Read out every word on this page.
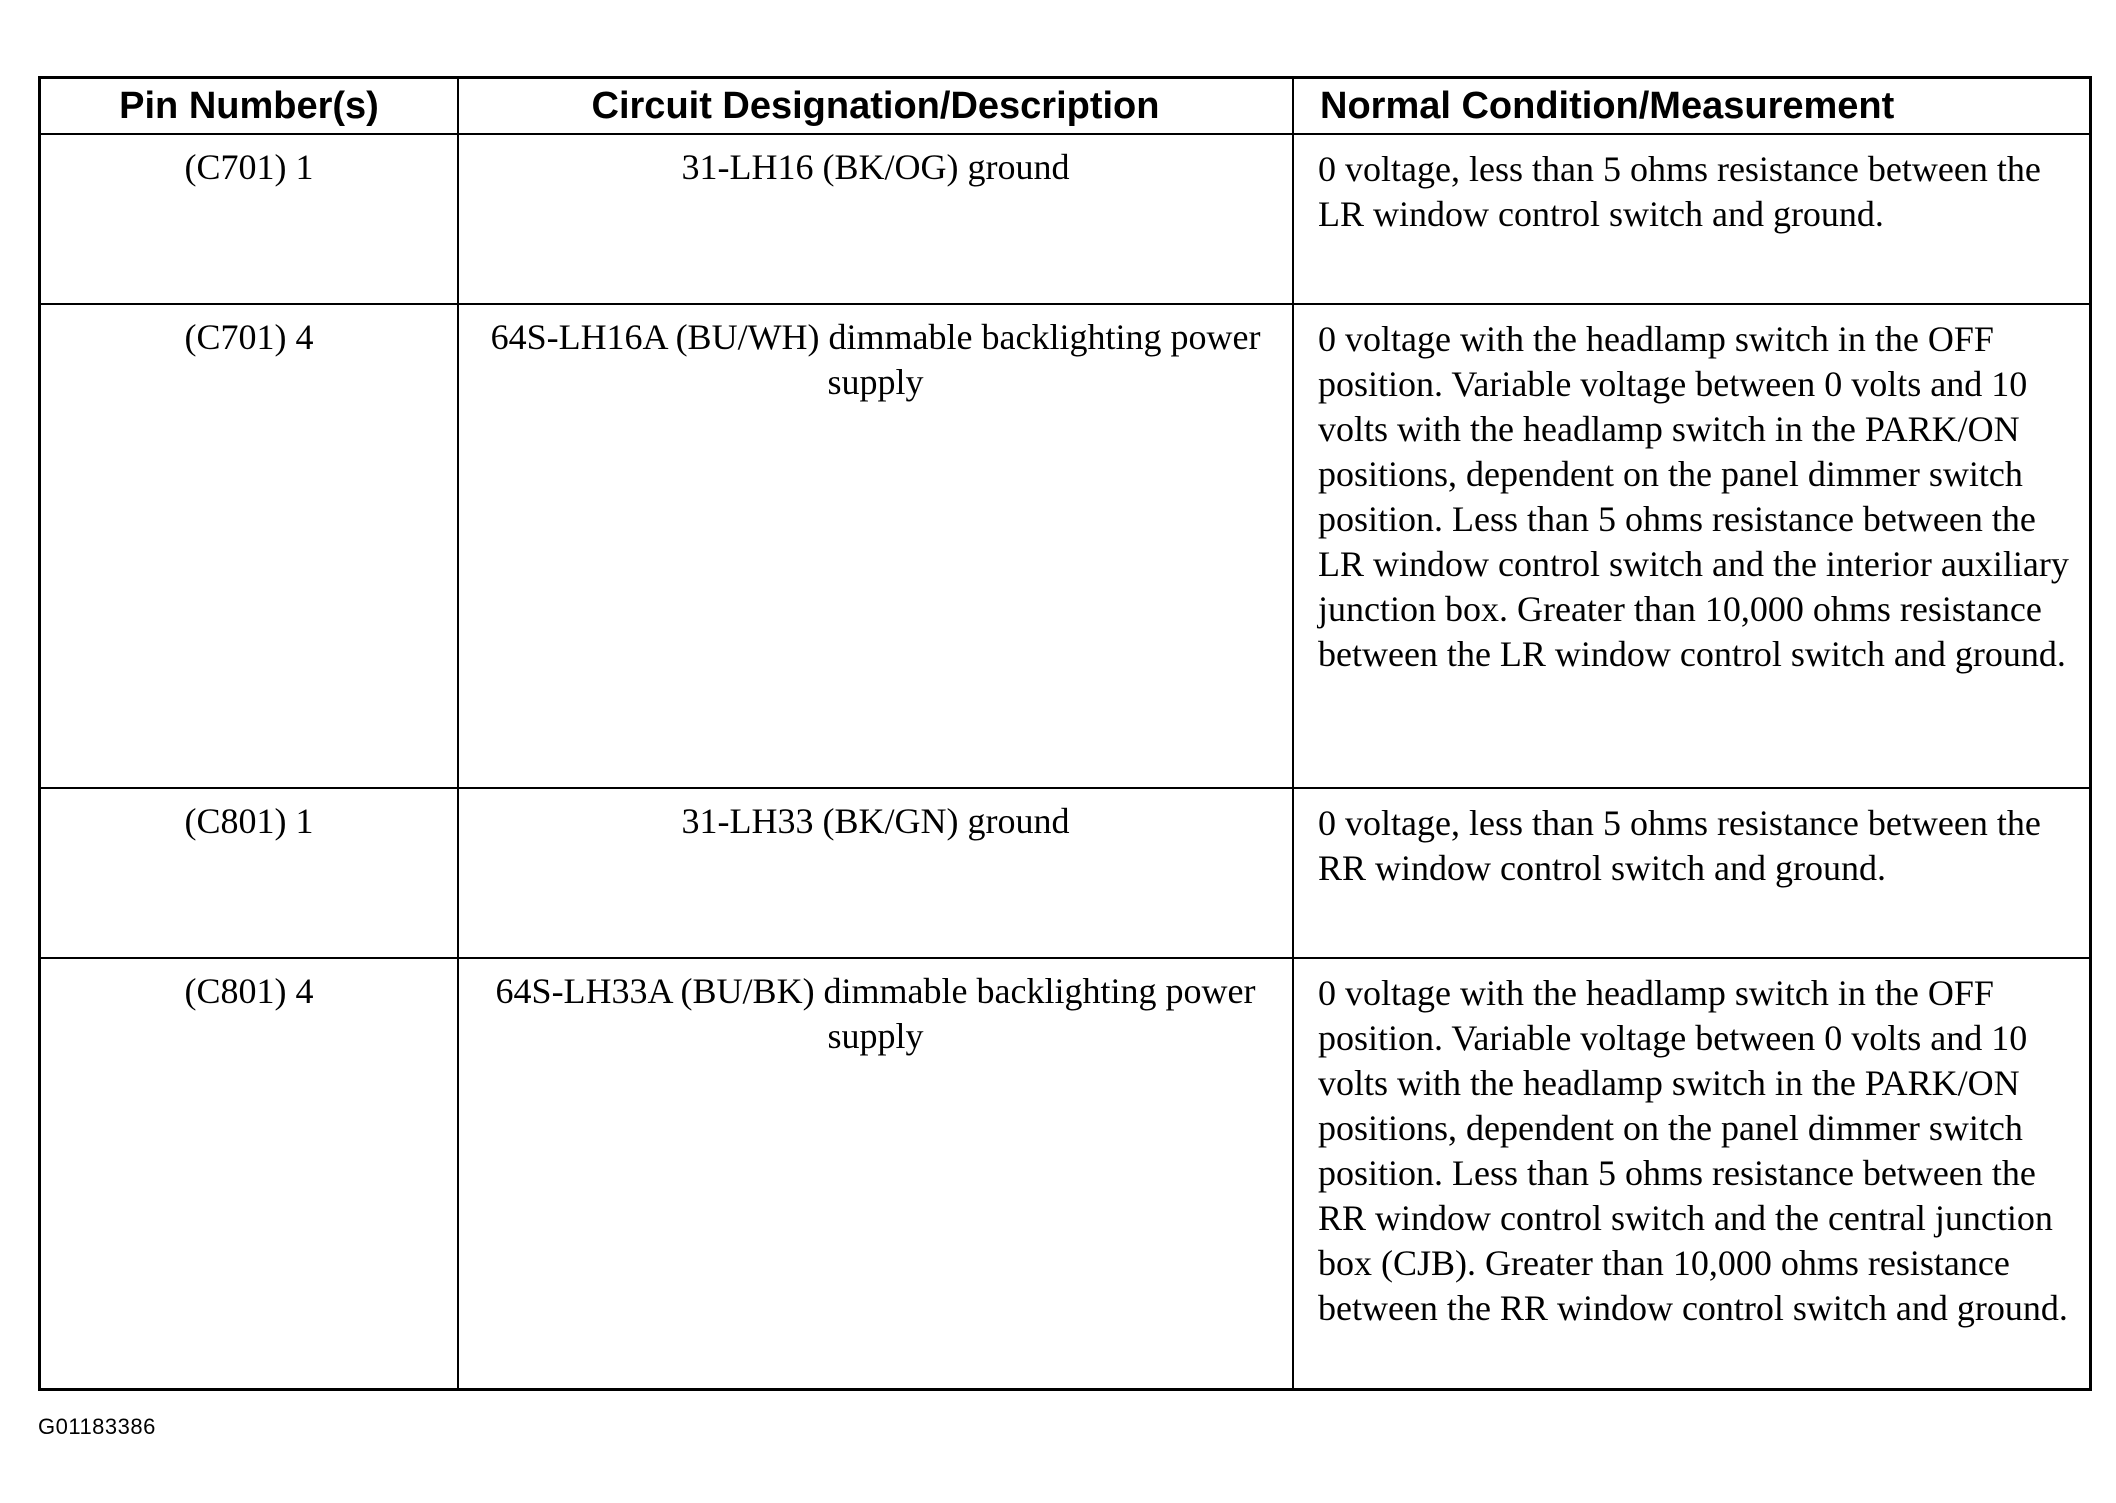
Pin Number(s)	Circuit Designation/Description	Normal Condition/Measurement
(C701) 1	31-LH16 (BK/OG) ground	0 voltage, less than 5 ohms resistance between the LR window control switch and ground.
(C701) 4	64S-LH16A (BU/WH) dimmable backlighting power supply	0 voltage with the headlamp switch in the OFF position. Variable voltage between 0 volts and 10 volts with the headlamp switch in the PARK/ON positions, dependent on the panel dimmer switch position. Less than 5 ohms resistance between the LR window control switch and the interior auxiliary junction box. Greater than 10,000 ohms resistance between the LR window control switch and ground.
(C801) 1	31-LH33 (BK/GN) ground	0 voltage, less than 5 ohms resistance between the RR window control switch and ground.
(C801) 4	64S-LH33A (BU/BK) dimmable backlighting power supply	0 voltage with the headlamp switch in the OFF position. Variable voltage between 0 volts and 10 volts with the headlamp switch in the PARK/ON positions, dependent on the panel dimmer switch position. Less than 5 ohms resistance between the RR window control switch and the central junction box (CJB). Greater than 10,000 ohms resistance between the RR window control switch and ground.
G01183386
